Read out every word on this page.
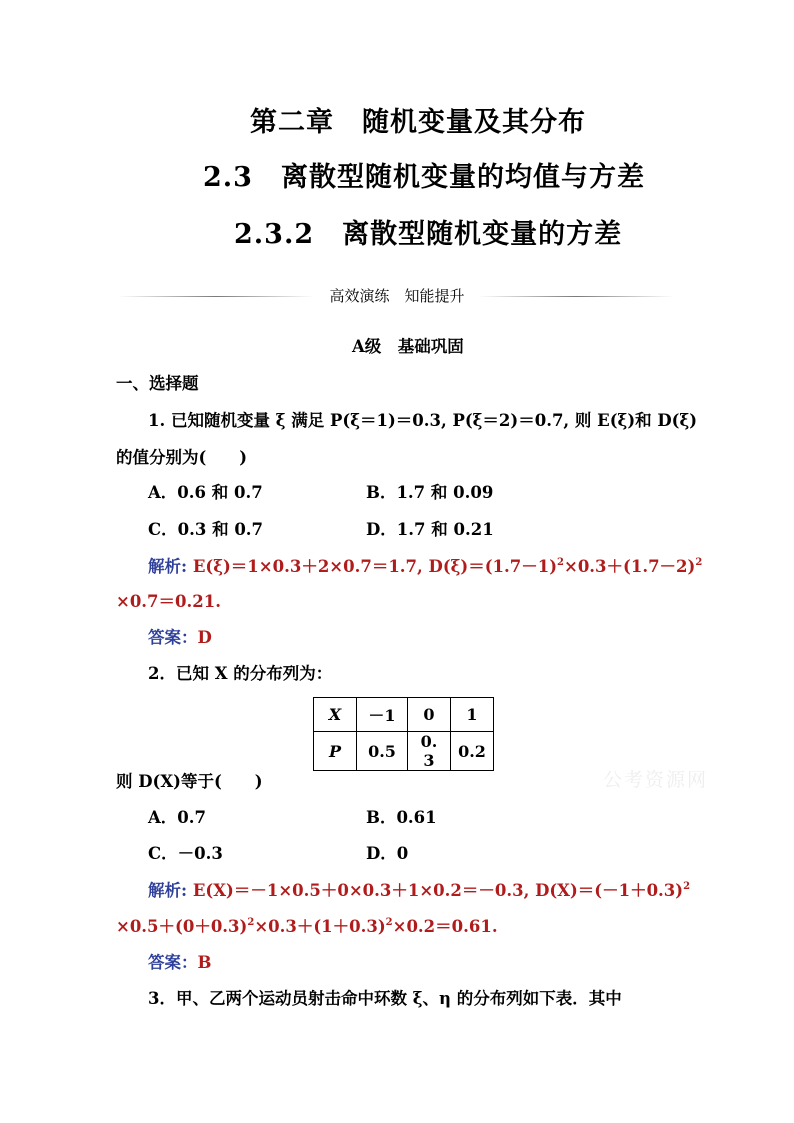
第二章　随机变量及其分布
2.3　离散型随机变量的均值与方差
2.3.2　离散型随机变量的方差
高效演练　知能提升
A级　基础巩固
一、选择题
1. 已知随机变量 ξ 满足 P(ξ＝1)＝0.3, P(ξ＝2)＝0.7, 则 E(ξ)和 D(ξ)
的值分别为(　　)
A．0.6 和 0.7	B．1.7 和 0.09
C．0.3 和 0.7	D．1.7 和 0.21
解析: E(ξ)＝1×0.3＋2×0.7＝1.7, $D(\xi)=(1.7-1)^2\times 0.3+(1.7-2)^2$
×0.7＝0.21.
答案：D
2．已知 X 的分布列为：
X	－1	0	1
P	0.5	0. 3	0.2
公考资源网
则 D(X)等于(　　)
A．0.7	B．0.61
C．－0.3	D．0
解析: E(X)＝－1×0.5＋0×0.3＋1×0.2＝－0.3, $D(X)=(-1+0.3)^2$
$\times 0.5+(0+0.3)^2\times 0.3+(1+0.3)^2\times 0.2=0.61$.
答案：B
3．甲、乙两个运动员射击命中环数 ξ、η 的分布列如下表．其中
